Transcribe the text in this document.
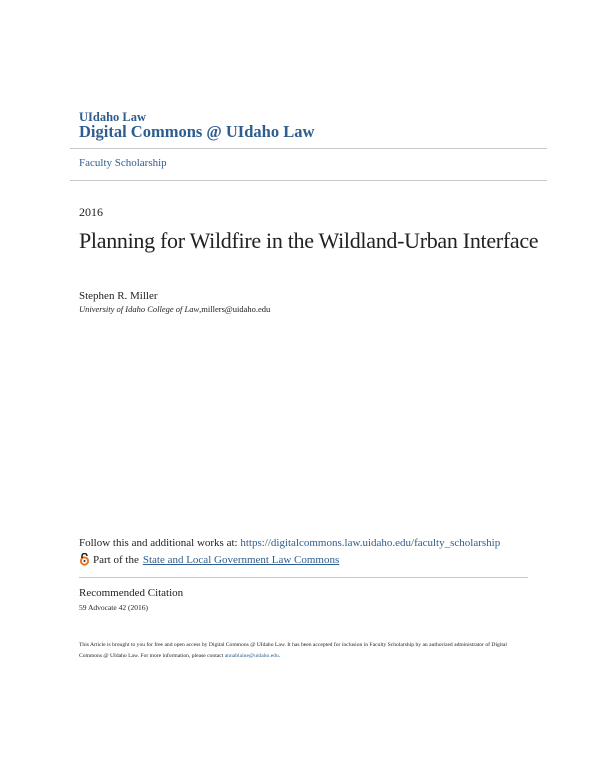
UIdaho Law
Digital Commons @ UIdaho Law
Faculty Scholarship
2016
Planning for Wildfire in the Wildland-Urban Interface
Stephen R. Miller
University of Idaho College of Law,millers@uidaho.edu
Follow this and additional works at: https://digitalcommons.law.uidaho.edu/faculty_scholarship
Part of the State and Local Government Law Commons
Recommended Citation
59 Advocate 42 (2016)
This Article is brought to you for free and open access by Digital Commons @ UIdaho Law. It has been accepted for inclusion in Faculty Scholarship by an authorized administrator of Digital Commons @ UIdaho Law. For more information, please contact annablaine@uidaho.edu.
